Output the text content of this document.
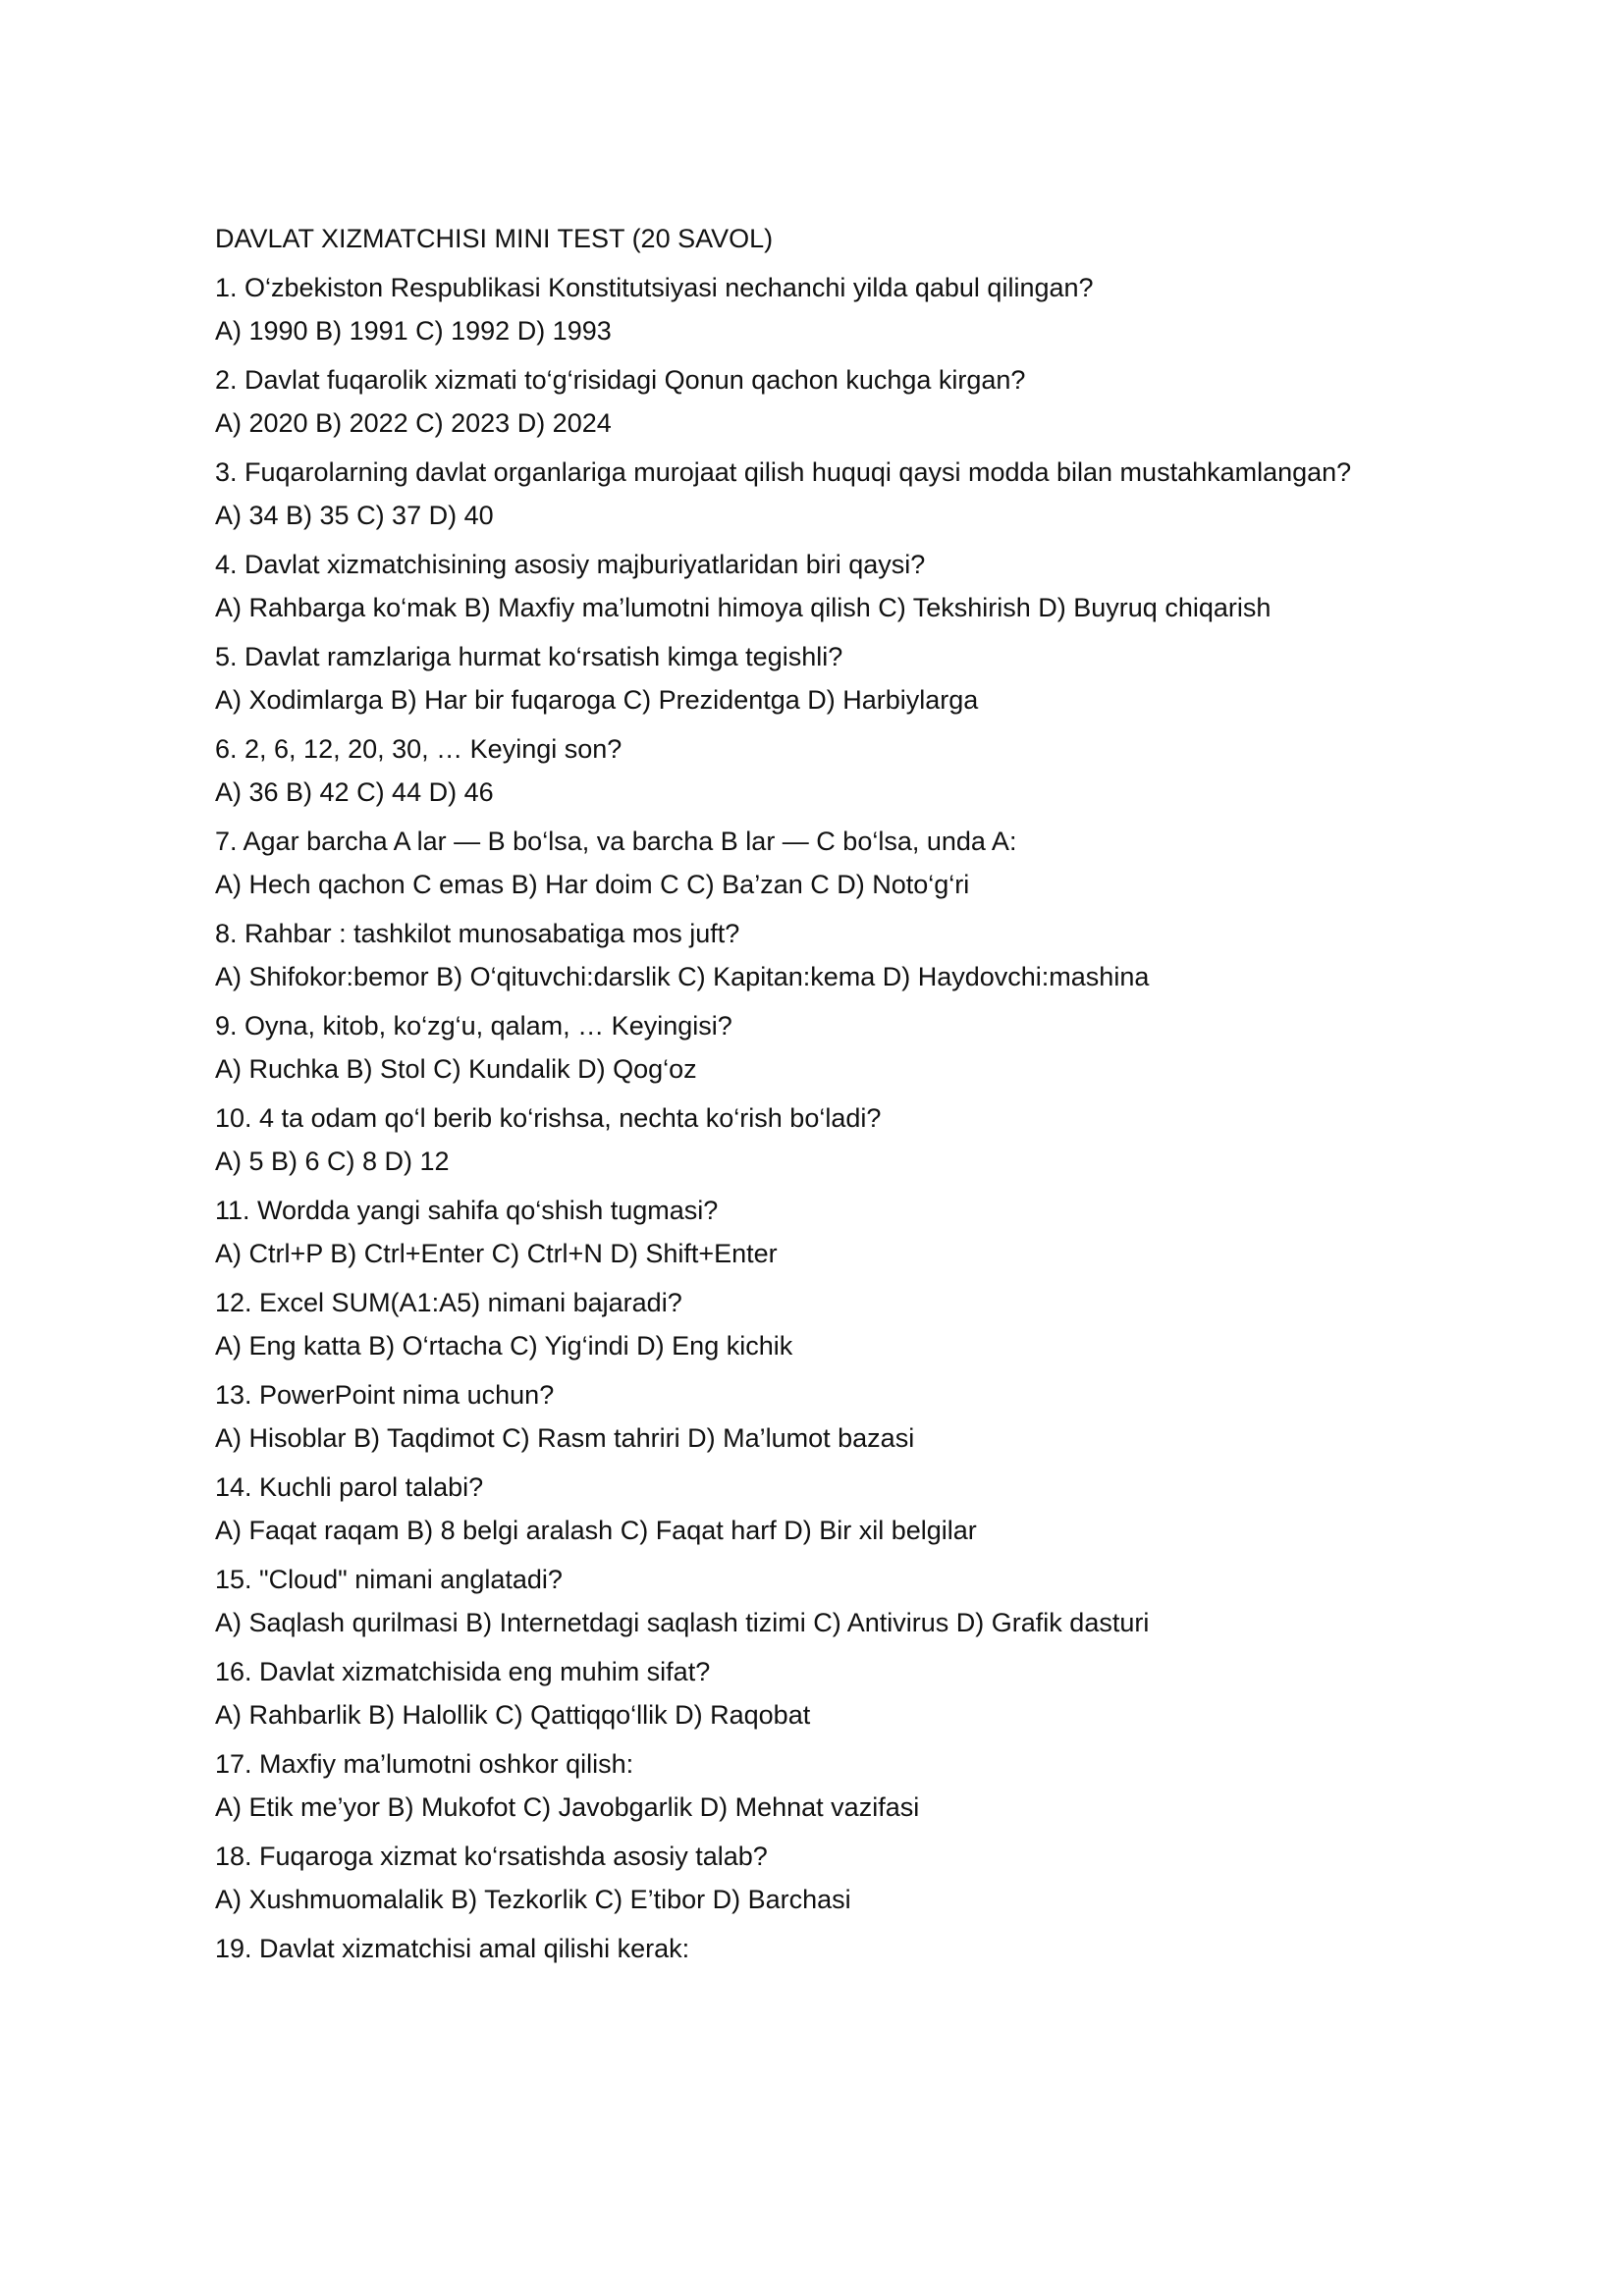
DAVLAT XIZMATCHISI MINI TEST (20 SAVOL)

1. O‘zbekiston Respublikasi Konstitutsiyasi nechanchi yilda qabul qilingan?

A) 1990 B) 1991 C) 1992 D) 1993

2. Davlat fuqarolik xizmati to‘g‘risidagi Qonun qachon kuchga kirgan?

A) 2020 B) 2022 C) 2023 D) 2024

3. Fuqarolarning davlat organlariga murojaat qilish huquqi qaysi modda bilan mustahkamlangan?

A) 34 B) 35 C) 37 D) 40

4. Davlat xizmatchisining asosiy majburiyatlaridan biri qaysi?

A) Rahbarga ko‘mak B) Maxfiy ma’lumotni himoya qilish C) Tekshirish D) Buyruq chiqarish

5. Davlat ramzlariga hurmat ko‘rsatish kimga tegishli?

A) Xodimlarga B) Har bir fuqaroga C) Prezidentga D) Harbiylarga

6. 2, 6, 12, 20, 30, … Keyingi son?

A) 36 B) 42 C) 44 D) 46

7. Agar barcha A lar — B bo‘lsa, va barcha B lar — C bo‘lsa, unda A:

A) Hech qachon C emas B) Har doim C C) Ba’zan C D) Noto‘g‘ri

8. Rahbar : tashkilot munosabatiga mos juft?

A) Shifokor:bemor B) O‘qituvchi:darslik C) Kapitan:kema D) Haydovchi:mashina

9. Oyna, kitob, ko‘zg‘u, qalam, … Keyingisi?

A) Ruchka B) Stol C) Kundalik D) Qog‘oz

10. 4 ta odam qo‘l berib ko‘rishsa, nechta ko‘rish bo‘ladi?

A) 5 B) 6 C) 8 D) 12

11. Wordda yangi sahifa qo‘shish tugmasi?

A) Ctrl+P B) Ctrl+Enter C) Ctrl+N D) Shift+Enter

12. Excel SUM(A1:A5) nimani bajaradi?

A) Eng katta B) O‘rtacha C) Yig‘indi D) Eng kichik

13. PowerPoint nima uchun?

A) Hisoblar B) Taqdimot C) Rasm tahriri D) Ma’lumot bazasi

14. Kuchli parol talabi?

A) Faqat raqam B) 8 belgi aralash C) Faqat harf D) Bir xil belgilar

15. "Cloud" nimani anglatadi?

A) Saqlash qurilmasi B) Internetdagi saqlash tizimi C) Antivirus D) Grafik dasturi

16. Davlat xizmatchisida eng muhim sifat?

A) Rahbarlik B) Halollik C) Qattiqqo‘llik D) Raqobat

17. Maxfiy ma’lumotni oshkor qilish:

A) Etik me’yor B) Mukofot C) Javobgarlik D) Mehnat vazifasi

18. Fuqaroga xizmat ko‘rsatishda asosiy talab?

A) Xushmuomalalik B) Tezkorlik C) E’tibor D) Barchasi

19. Davlat xizmatchisi amal qilishi kerak:
